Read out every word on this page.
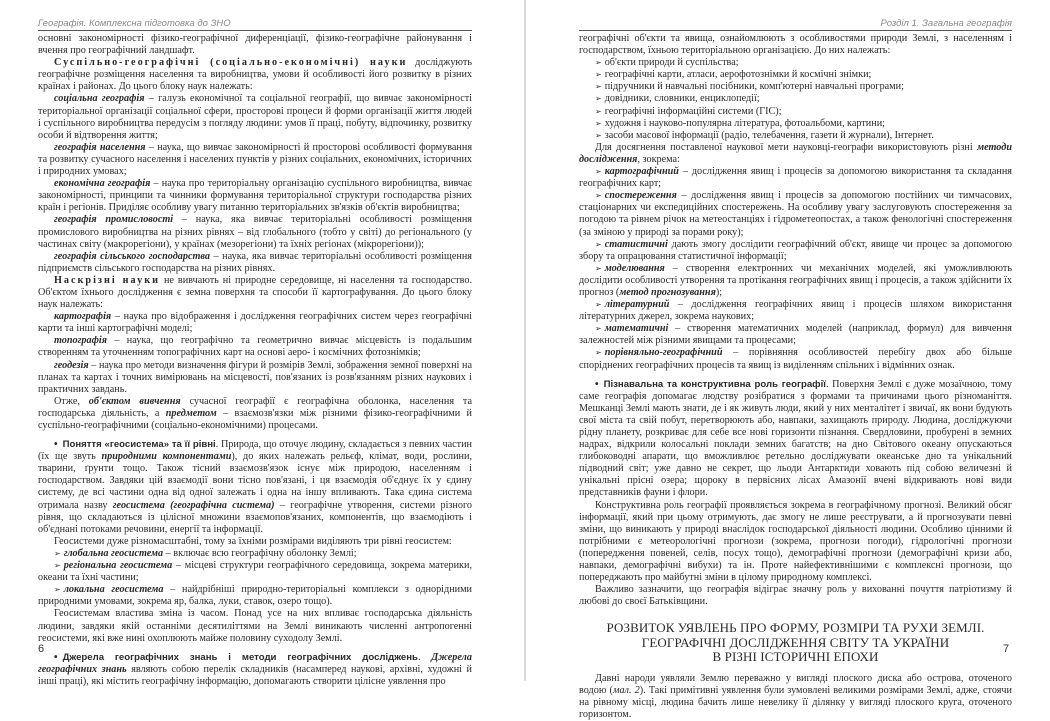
Географія. Комплексна підготовка до ЗНО

основні закономірності фізико-географічної диференціації, фізико-географічне районування і вчення про географічний ландшафт.

Суспільно-географічні (соціально-економічні) науки досліджують географічне розміщення населення та виробництва, умови й особливості його розвитку в різних країнах і районах. До цього блоку наук належать:

соціальна географія – галузь економічної та соціальної географії, що вивчає закономірності територіальної організації соціальної сфери, просторові процеси й форми організації життя людей і суспільного виробництва передусім з погляду людини: умов її праці, побуту, відпочинку, розвитку особи й відтворення життя;

географія населення – наука, що вивчає закономірності й просторові особливості формування та розвитку сучасного населення і населених пунктів у різних соціальних, економічних, історичних і природних умовах;

економічна географія – наука про територіальну організацію суспільного виробництва, вивчає закономірності, принципи та чинники формування територіальної структури господарства різних країн і регіонів. Приділяє особливу увагу питанню територіальних зв'язків об'єктів виробництва;

географія промисловості – наука, яка вивчає територіальні особливості розміщення промислового виробництва на різних рівнях – від глобального (тобто у світі) до регіонального (у частинах світу (макрорегіони), у країнах (мезорегіони) та їхніх регіонах (мікрорегіони));

географія сільського господарства – наука, яка вивчає територіальні особливості розміщення підприємств сільського господарства на різних рівнях.

Наскрізні науки не вивчають ні природне середовище, ні населення та господарство. Об'єктом їхнього дослідження є земна поверхня та способи її картографування. До цього блоку наук належать:

картографія – наука про відображення і дослідження географічних систем через географічні карти та інші картографічні моделі;

топографія – наука, що географічно та геометрично вивчає місцевість із подальшим створенням та уточненням топографічних карт на основі аеро- і космічних фотознімків;

геодезія – наука про методи визначення фігури й розмірів Землі, зображення земної поверхні на планах та картах і точних вимірювань на місцевості, пов'язаних із розв'язанням різних наукових і практичних завдань.

Отже, об'єктом вивчення сучасної географії є географічна оболонка, населення та господарська діяльність, а предметом – взаємозв'язки між різними фізико-географічними й суспільно-географічними (соціально-економічними) процесами.

• Поняття «геосистема» та її рівні. Природа, що оточує людину, складається з певних частин (їх ще звуть природними компонентами), до яких належать рельєф, клімат, води, рослини, тварини, ґрунти тощо. Також тісний взаємозв'язок існує між природою, населенням і господарством. Завдяки цій взаємодії вони тісно пов'язані, і ця взаємодія об'єднує їх у єдину систему, де всі частини одна від одної залежать і одна на іншу впливають. Така єдина система отримала назву геосистема (географічна система) – географічне утворення, системи різного рівня, що складаються із цілісної множини взаємопов'язаних, компонентів, що взаємодіють і об'єднані потоками речовини, енергії та інформації.

Геосистеми дуже різномасштабні, тому за їхніми розмірами виділяють три рівні геосистем:

➢ глобальна геосистема – включає всю географічну оболонку Землі;

➢ регіональна геосистема – місцеві структури географічного середовища, зокрема материки, океани та їхні частини;

➢ локальна геосистема – найдрібніші природно-територіальні комплекси з однорідними природними умовами, зокрема яр, балка, луки, ставок, озеро тощо).

Геосистемам властива зміна із часом. Понад усе на них впливає господарська діяльність людини, завдяки якій останніми десятиліттями на Землі виникають численні антропогенні геосистеми, які вже нині охоплюють майже половину суходолу Землі.

• Джерела географічних знань і методи географічних досліджень. Джерела географічних знань являють собою перелік складників (насамперед наукові, архівні, художні й інші праці), які містить географічну інформацію, допомагають створити цілісне уявлення про

6
Розділ 1. Загальна географія

географічні об'єкти та явища, ознайомлюють з особливостями природи Землі, з населенням і господарством, їхньою територіальною організацією. До них належать:

➢ об'єкти природи й суспільства;

➢ географічні карти, атласи, аерофотознімки й космічні знімки;

➢ підручники й навчальні посібники, комп'ютерні навчальні програми;

➢ довідники, словники, енциклопедії;

➢ географічні інформаційні системи (ГІС);

➢ художня і науково-популярна література, фотоальбоми, картини;

➢ засоби масової інформації (радіо, телебачення, газети й журнали), Інтернет.

Для досягнення поставленої наукової мети науковці-географи використовують різні методи дослідження, зокрема:

➢ картографічний – дослідження явищ і процесів за допомогою використання та складання географічних карт;

➢ спостереження – дослідження явищ і процесів за допомогою постійних чи тимчасових, стаціонарних чи експедиційних спостережень. На особливу увагу заслуговують спостереження за погодою та рівнем річок на метеостанціях і гідрометеопостах, а також фенологічні спостереження (за зміною у природі за порами року);

➢ статистичні дають змогу дослідити географічний об'єкт, явище чи процес за допомогою збору та опрацювання статистичної інформації;

➢ моделювання – створення електронних чи механічних моделей, які уможливлюють дослідити особливості утворення та протікання географічних явищ і процесів, а також здійснити їх прогноз (метод прогнозування);

➢ літературний – дослідження географічних явищ і процесів шляхом використання літературних джерел, зокрема наукових;

➢ математичні – створення математичних моделей (наприклад, формул) для вивчення залежностей між різними явищами та процесами;

➢ порівняльно-географічний – порівняння особливостей перебігу двох або більше споріднених географічних процесів та явищ із виділенням спільних і відмінних ознак.

• Пізнавальна та конструктивна роль географії. Поверхня Землі є дуже мозаїчною, тому саме географія допомагає людству розібратися з формами та причинами цього різноманіття. Мешканці Землі мають знати, де і як живуть люди, який у них менталітет і звичаї, як вони будують свої міста та свій побут, перетворюють або, навпаки, захищають природу. Людина, досліджуючи рідну планету, розкриває для себе все нові горизонти пізнання. Свердловини, пробурені в земних надрах, відкрили колосальні поклади земних багатств; на дно Світового океану опускаються глибоководні апарати, що вможливлює ретельно досліджувати океанське дно та унікальний підводний світ; уже давно не секрет, що льоди Антарктиди ховають під собою величезні й унікальні прісні озера; щороку в первісних лісах Амазонії вчені відкривають нові види представників фауни і флори.

Конструктивна роль географії проявляється зокрема в географічному прогнозі. Великий обсяг інформації, який при цьому отримують, дає змогу не лише реєструвати, а й прогнозувати певні зміни, що виникають у природі внаслідок господарської діяльності людини. Особливо цінними й потрібними є метеорологічні прогнози (зокрема, прогнози погоди), гідрологічні прогнози (попередження повеней, селів, посух тощо), демографічні прогнози (демографічні кризи або, навпаки, демографічні вибухи) та ін. Проте найефективнішими є комплексні прогнози, що попереджають про майбутні зміни в цілому природному комплексі.

Важливо зазначити, що географія відіграє значну роль у вихованні почуття патріотизму й любові до своєї Батьківщини.

РОЗВИТОК УЯВЛЕНЬ ПРО ФОРМУ, РОЗМІРИ ТА РУХИ ЗЕМЛІ.
ГЕОГРАФІЧНІ ДОСЛІДЖЕННЯ СВІТУ ТА УКРАЇНИ
В РІЗНІ ІСТОРИЧНІ ЕПОХИ

Давні народи уявляли Землю переважно у вигляді плоского диска або острова, оточеного водою (мал. 2). Такі примітивні уявлення були зумовлені великими розмірами Землі, адже, стоячи на рівному місці, людина бачить лише невелику її ділянку у вигляді плоского круга, оточеного горизонтом.

7
